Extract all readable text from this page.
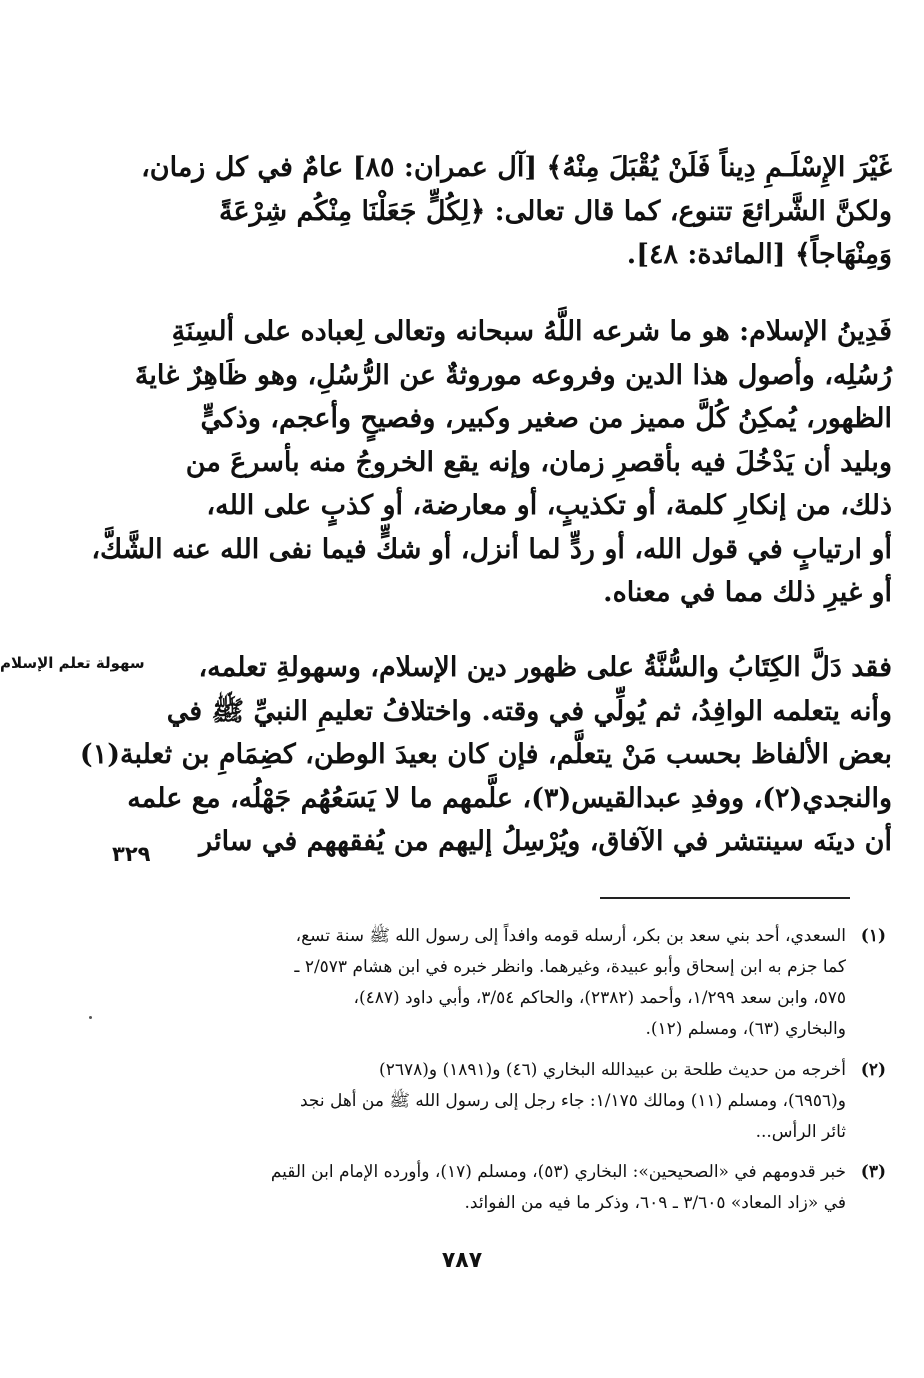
غَيْرَ الإِسْلَـمِ دِيناً فَلَنْ يُقْبَلَ مِنْهُ﴾ [آل عمران: ٨٥] عامٌ في كل زمان،
ولكنَّ الشَّرائعَ تتنوع، كما قال تعالى: ﴿لِكُلٍّ جَعَلْنَا مِنْكُم شِرْعَةً
وَمِنْهَاجاً﴾ [المائدة: ٤٨].
فَدِينُ الإسلام: هو ما شرعه اللَّهُ سبحانه وتعالى لِعباده على ألسِنَةِ
رُسُلِه، وأصول هذا الدين وفروعه موروثةٌ عن الرُّسُلِ، وهو ظَاهِرٌ غايةَ
الظهور، يُمكِنُ كُلَّ مميز من صغير وكبير، وفصيحٍ وأعجم، وذكيٍّ
وبليد أن يَدْخُلَ فيه بأقصرِ زمان، وإنه يقع الخروجُ منه بأسرعَ من
ذلك، من إنكارِ كلمة، أو تكذيبٍ، أو معارضة، أو كذبٍ على الله،
أو ارتيابٍ في قول الله، أو ردٍّ لما أنزل، أو شكٍّ فيما نفى الله عنه الشَّكَّ،
أو غيرِ ذلك مما في معناه.
سهولة تعلم الإسلام	فقد دَلَّ الكِتَابُ والسُّنَّةُ على ظهور دين الإسلام، وسهولةِ تعلمه،
وأنه يتعلمه الوافِدُ، ثم يُولِّي في وقته. واختلافُ تعليمِ النبيِّ ﷺ في
بعض الألفاظ بحسب مَنْ يتعلَّم، فإن كان بعيدَ الوطن، كضِمَامِ بن ثعلبة(١)
والنجدي(٢)، ووفدِ عبدالقيس(٣)، علَّمهم ما لا يَسَعُهُم جَهْلُه، مع علمه
أن دينَه سينتشر في الآفاق، ويُرْسِلُ إليهم من يُفقههم في سائر
٣٢٩
(١)
السعدي، أحد بني سعد بن بكر، أرسله قومه وافداً إلى رسول الله ﷺ سنة تسع،
كما جزم به ابن إسحاق وأبو عبيدة، وغيرهما. وانظر خبره في ابن هشام ٢/٥٧٣ ـ
٥٧٥، وابن سعد ١/٢٩٩، وأحمد (٢٣٨٢)، والحاكم ٣/٥٤، وأبي داود (٤٨٧)،
والبخاري (٦٣)، ومسلم (١٢).
(٢)
أخرجه من حديث طلحة بن عبيدالله البخاري (٤٦) و(١٨٩١) و(٢٦٧٨)
و(٦٩٥٦)، ومسلم (١١) ومالك ١/١٧٥: جاء رجل إلى رسول الله ﷺ من أهل نجد
ثائر الرأس...
(٣)
خبر قدومهم في «الصحيحين»: البخاري (٥٣)، ومسلم (١٧)، وأورده الإمام ابن القيم
في «زاد المعاد» ٣/٦٠٥ ـ ٦٠٩، وذكر ما فيه من الفوائد.
٧٨٧
